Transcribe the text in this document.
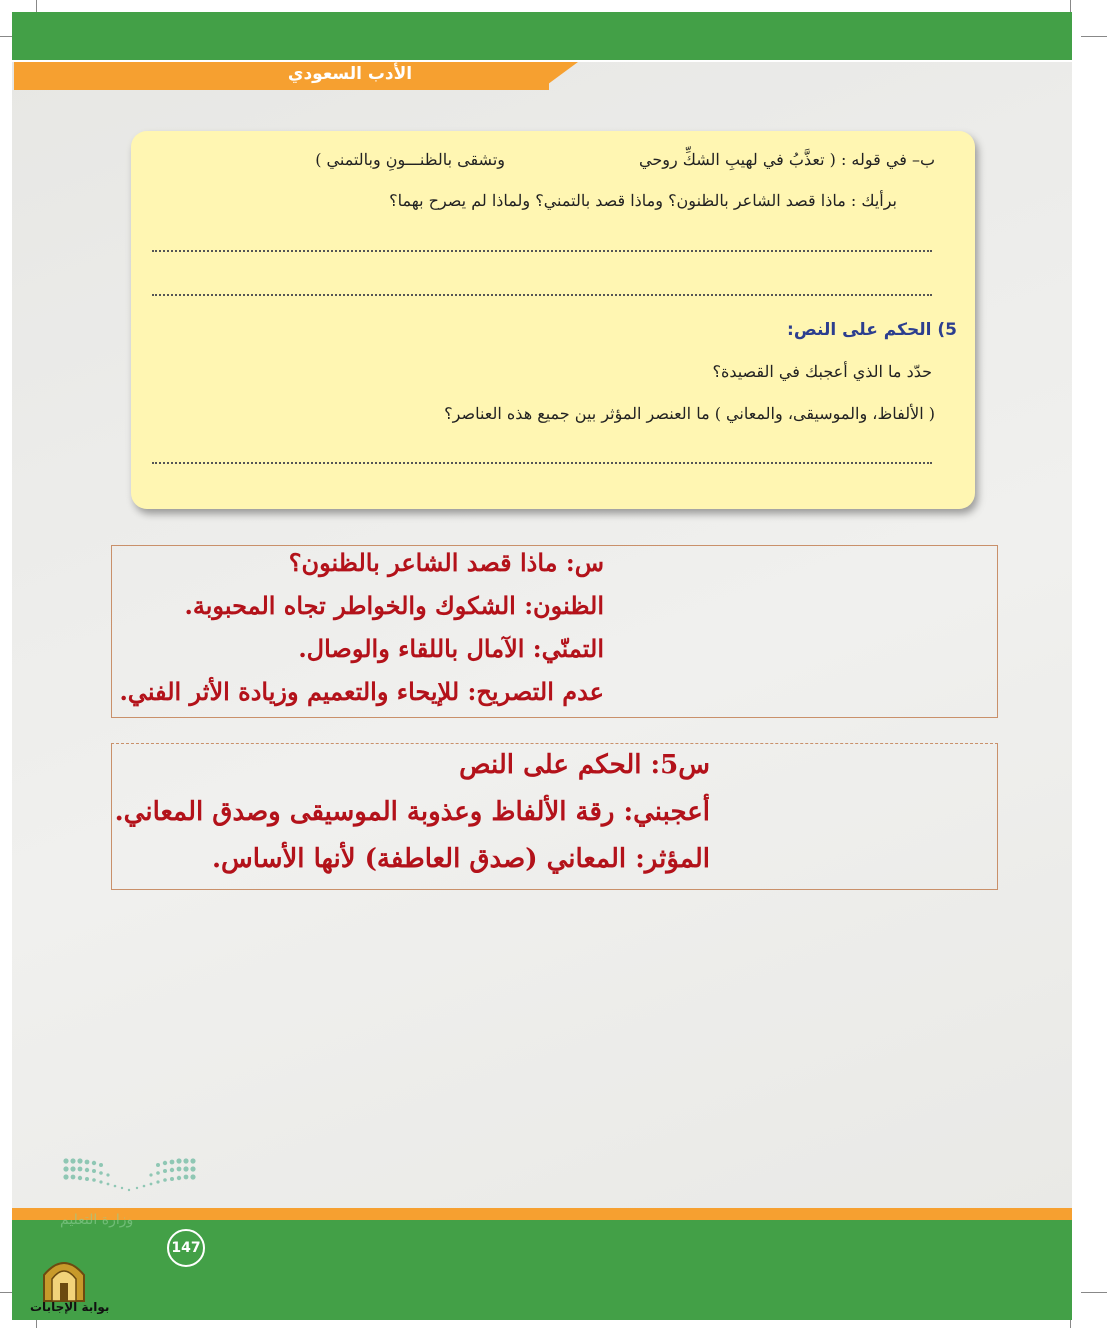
الأدب السعودي
ب– في قوله : ( تعذَّبُ في لهيبِ الشكِّ روحي
وتشقى بالظنـــونِ وبالتمني )
برأيك : ماذا قصد الشاعر بالظنون؟ وماذا قصد بالتمني؟ ولماذا لم يصرح بهما؟
5) الحكم على النص:
حدّد ما الذي أعجبك في القصيدة؟
( الألفاظ، والموسيقى، والمعاني ) ما العنصر المؤثر بين جميع هذه العناصر؟
س: ماذا قصد الشاعر بالظنون؟
الظنون: الشكوك والخواطر تجاه المحبوبة.
التمنّي: الآمال باللقاء والوصال.
عدم التصريح: للإيحاء والتعميم وزيادة الأثر الفني.
س5: الحكم على النص
أعجبني: رقة الألفاظ وعذوبة الموسيقى وصدق المعاني.
المؤثر: المعاني (صدق العاطفة) لأنها الأساس.
وزارة التعليم
147
بوابة الإجابات
